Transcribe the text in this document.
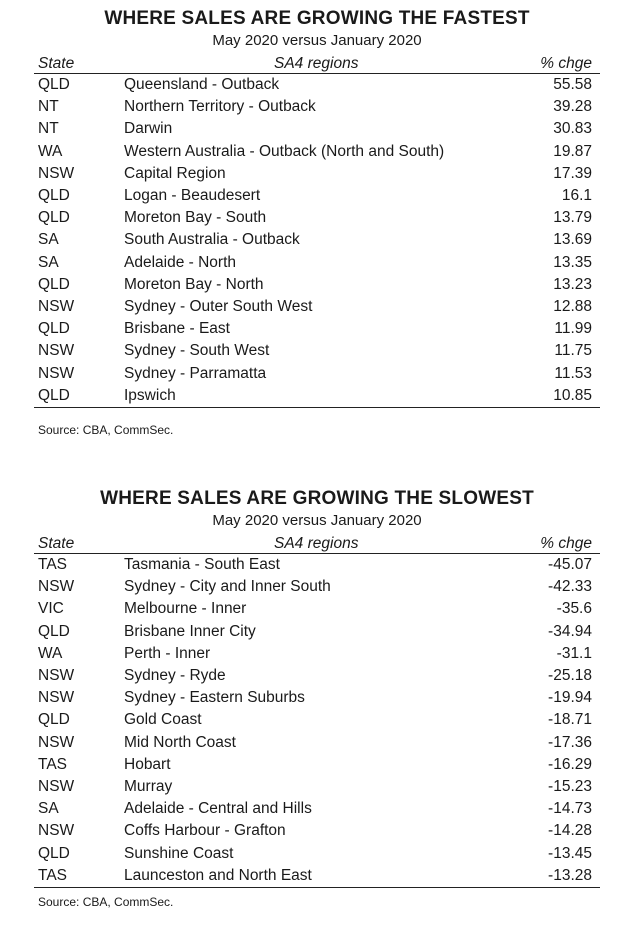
WHERE SALES ARE GROWING THE FASTEST
May 2020 versus January 2020
State	SA4 regions	% chge
QLD	Queensland - Outback	55.58
NT	Northern Territory - Outback	39.28
NT	Darwin	30.83
WA	Western Australia - Outback (North and South)	19.87
NSW	Capital Region	17.39
QLD	Logan - Beaudesert	16.1
QLD	Moreton Bay - South	13.79
SA	South Australia - Outback	13.69
SA	Adelaide - North	13.35
QLD	Moreton Bay - North	13.23
NSW	Sydney - Outer South West	12.88
QLD	Brisbane - East	11.99
NSW	Sydney - South West	11.75
NSW	Sydney - Parramatta	11.53
QLD	Ipswich	10.85
Source: CBA, CommSec.
WHERE SALES ARE GROWING THE SLOWEST
May 2020 versus January 2020
State	SA4 regions	% chge
TAS	Tasmania - South East	-45.07
NSW	Sydney - City and Inner South	-42.33
VIC	Melbourne - Inner	-35.6
QLD	Brisbane Inner City	-34.94
WA	Perth - Inner	-31.1
NSW	Sydney - Ryde	-25.18
NSW	Sydney - Eastern Suburbs	-19.94
QLD	Gold Coast	-18.71
NSW	Mid North Coast	-17.36
TAS	Hobart	-16.29
NSW	Murray	-15.23
SA	Adelaide - Central and Hills	-14.73
NSW	Coffs Harbour - Grafton	-14.28
QLD	Sunshine Coast	-13.45
TAS	Launceston and North East	-13.28
Source: CBA, CommSec.
